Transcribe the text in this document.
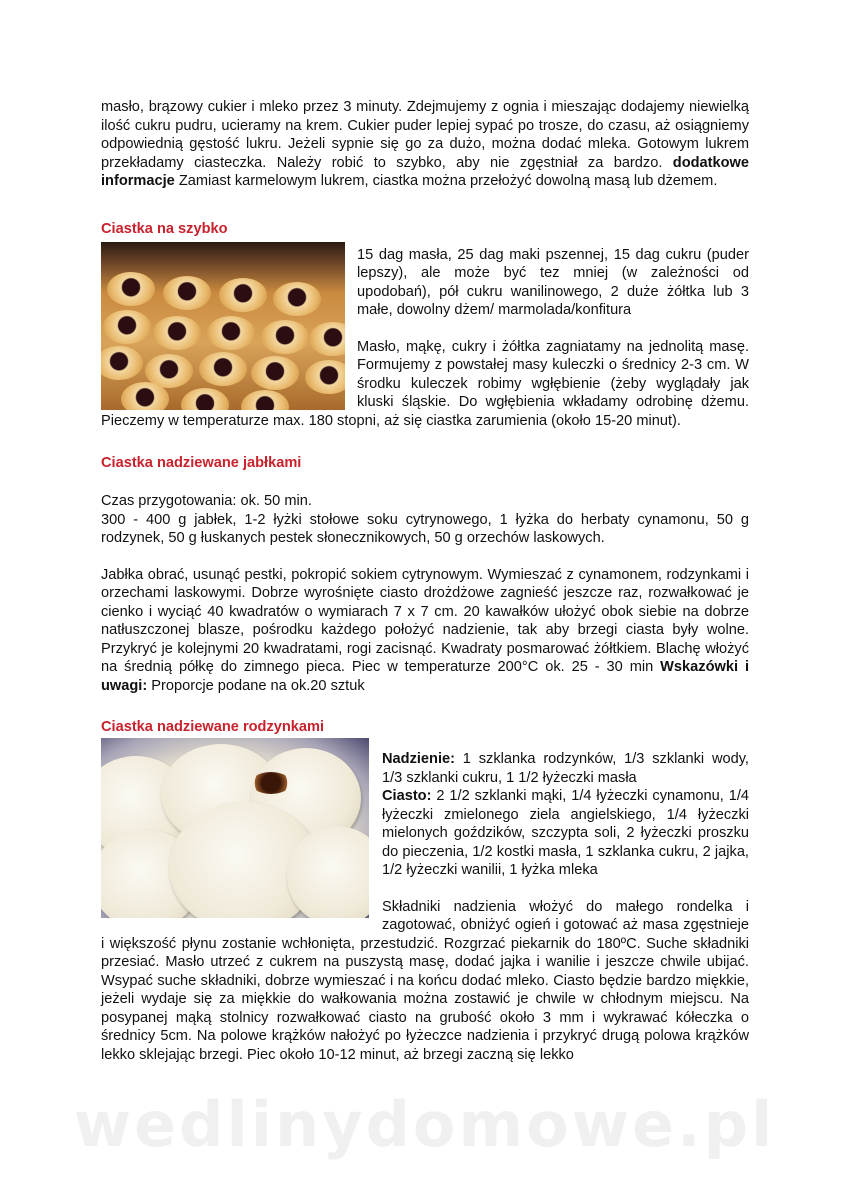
masło, brązowy cukier i mleko przez 3 minuty. Zdejmujemy z ognia i mieszając dodajemy niewielką ilość cukru pudru, ucieramy na krem. Cukier puder lepiej sypać po trosze, do czasu, aż osiągniemy odpowiednią gęstość lukru. Jeżeli sypnie się go za dużo, można dodać mleka. Gotowym lukrem przekładamy ciasteczka. Należy robić to szybko, aby nie zgęstniał za bardzo. dodatkowe informacje Zamiast karmelowym lukrem, ciastka można przełożyć dowolną masą lub dżemem.

Ciastka na szybko

15 dag masła, 25 dag maki pszennej, 15 dag cukru (puder lepszy), ale może być tez mniej (w zależności od upodobań), pół cukru wanilinowego, 2 duże żółtka lub 3 małe, dowolny dżem/ marmolada/konfitura

Masło, mąkę, cukry i żółtka zagniatamy na jednolitą masę. Formujemy z powstałej masy kuleczki o średnicy 2-3 cm. W środku kuleczek robimy wgłębienie (żeby wyglądały jak kluski śląskie. Do wgłębienia wkładamy odrobinę dżemu. Pieczemy w temperaturze max. 180 stopni, aż się ciastka zarumienia (około 15-20 minut).

Ciastka nadziewane jabłkami

Czas przygotowania: ok. 50 min.

300 - 400 g jabłek, 1-2 łyżki stołowe soku cytrynowego, 1 łyżka do herbaty cynamonu, 50 g rodzynek, 50 g łuskanych pestek słonecznikowych, 50 g orzechów laskowych.

Jabłka obrać, usunąć pestki, pokropić sokiem cytrynowym. Wymieszać z cynamonem, rodzynkami i orzechami laskowymi. Dobrze wyrośnięte ciasto drożdżowe zagnieść jeszcze raz, rozwałkować je cienko i wyciąć 40 kwadratów o wymiarach 7 x 7 cm. 20 kawałków ułożyć obok siebie na dobrze natłuszczonej blasze, pośrodku każdego położyć nadzienie, tak aby brzegi ciasta były wolne. Przykryć je kolejnymi 20 kwadratami, rogi zacisnąć. Kwadraty posmarować żółtkiem. Blachę włożyć na średnią półkę do zimnego pieca. Piec w temperaturze 200°C ok. 25 - 30 min Wskazówki i uwagi: Proporcje podane na ok.20 sztuk

Ciastka nadziewane rodzynkami

Nadzienie: 1 szklanka rodzynków, 1/3 szklanki wody, 1/3 szklanki cukru, 1 1/2 łyżeczki masła

Ciasto: 2 1/2 szklanki mąki, 1/4 łyżeczki cynamonu, 1/4 łyżeczki zmielonego ziela angielskiego, 1/4 łyżeczki mielonych goździków, szczypta soli, 2 łyżeczki proszku do pieczenia, 1/2 kostki masła, 1 szklanka cukru, 2 jajka, 1/2 łyżeczki wanilii, 1 łyżka mleka

Składniki nadzienia włożyć do małego rondelka i zagotować, obniżyć ogień i gotować aż masa zgęstnieje i większość płynu zostanie wchłonięta, przestudzić. Rozgrzać piekarnik do 180ºC. Suche składniki przesiać. Masło utrzeć z cukrem na puszystą masę, dodać jajka i wanilie i jeszcze chwile ubijać. Wsypać suche składniki, dobrze wymieszać i na końcu dodać mleko. Ciasto będzie bardzo miękkie, jeżeli wydaje się za miękkie do wałkowania można zostawić je chwile w chłodnym miejscu. Na posypanej mąką stolnicy rozwałkować ciasto na grubość około 3 mm i wykrawać kółeczka o średnicy 5cm. Na polowe krążków nałożyć po łyżeczce nadzienia i przykryć drugą polowa krążków lekko sklejając brzegi. Piec około 10-12 minut, aż brzegi zaczną się lekko

wedlinydomowe.pl
